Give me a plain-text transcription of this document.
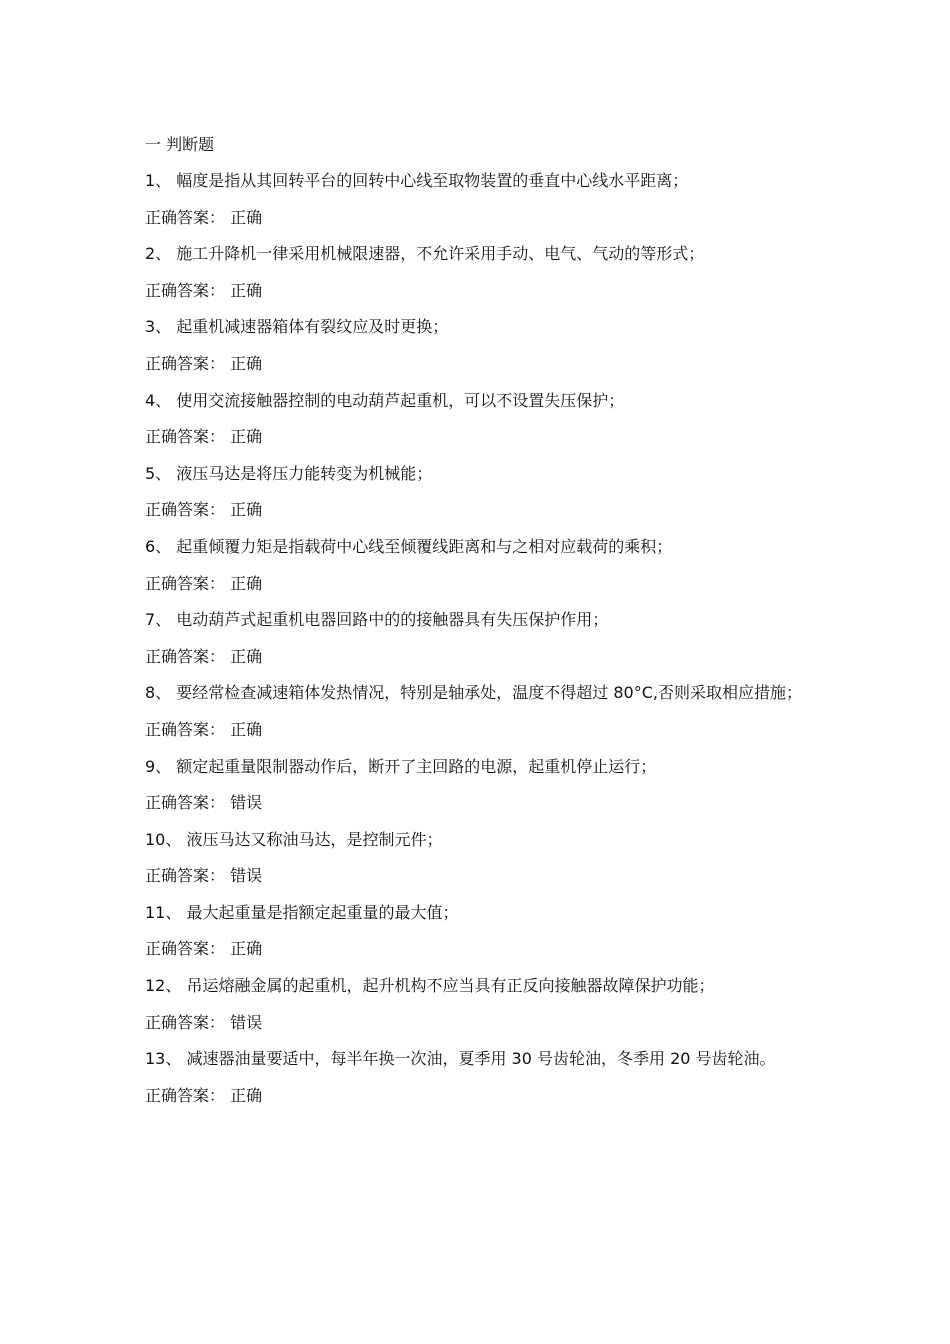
一 判断题

1、 幅度是指从其回转平台的回转中心线至取物装置的垂直中心线水平距离；

正确答案： 正确

2、 施工升降机一律采用机械限速器，不允许采用手动、电气、气动的等形式；

正确答案： 正确

3、 起重机减速器箱体有裂纹应及时更换；

正确答案： 正确

4、 使用交流接触器控制的电动葫芦起重机，可以不设置失压保护；

正确答案： 正确

5、 液压马达是将压力能转变为机械能；

正确答案： 正确

6、 起重倾覆力矩是指载荷中心线至倾覆线距离和与之相对应载荷的乘积；

正确答案： 正确

7、 电动葫芦式起重机电器回路中的的接触器具有失压保护作用；

正确答案： 正确

8、 要经常检查减速箱体发热情况，特别是轴承处，温度不得超过 80°C,否则采取相应措施；

正确答案： 正确

9、 额定起重量限制器动作后，断开了主回路的电源，起重机停止运行；

正确答案： 错误

10、 液压马达又称油马达，是控制元件；

正确答案： 错误

11、 最大起重量是指额定起重量的最大值；

正确答案： 正确

12、 吊运熔融金属的起重机，起升机构不应当具有正反向接触器故障保护功能；

正确答案： 错误

13、 减速器油量要适中，每半年换一次油，夏季用 30 号齿轮油，冬季用 20 号齿轮油。

正确答案： 正确
